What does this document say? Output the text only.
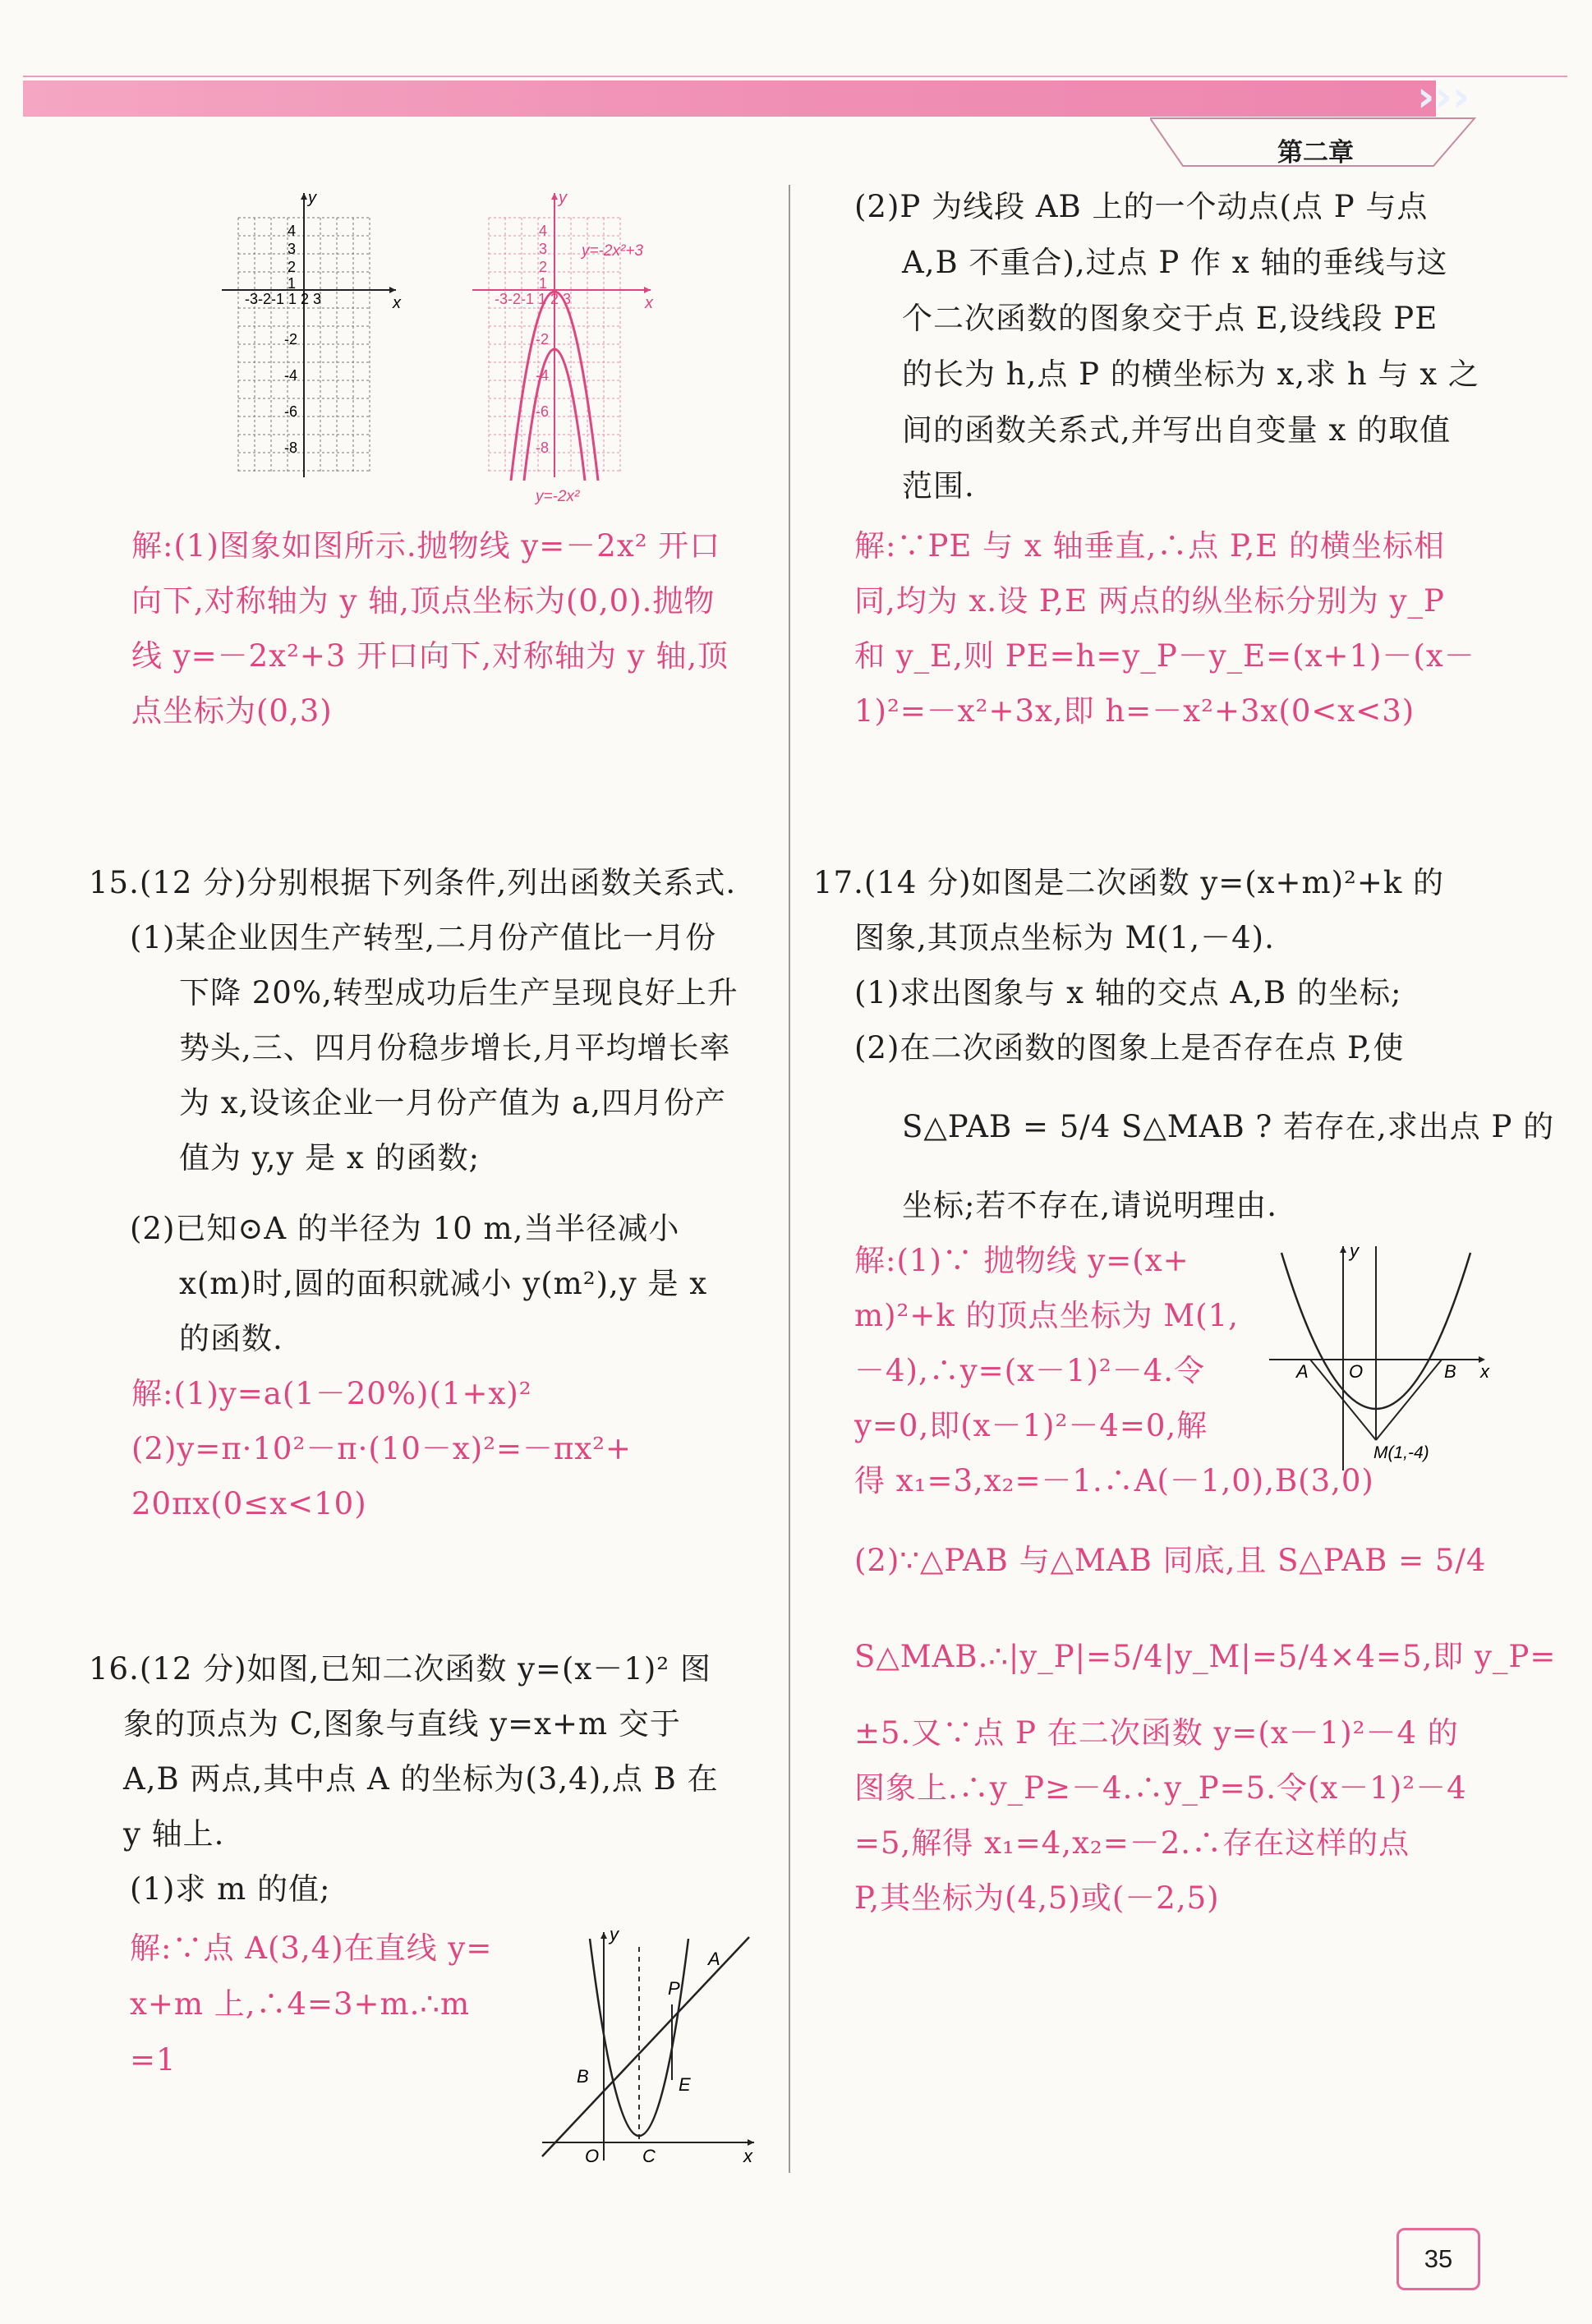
›››
第二章
y
x
-3-2-1 1 2 3
4
3
2
1
-2
-4
-6
-8
y
x
-3-2-1 1 2 3
4
3
2
1
-2
-4
-6
-8
y=-2x²+3
y=-2x²
解:(1)图象如图所示.抛物线 y=－2x² 开口
向下,对称轴为 y 轴,顶点坐标为(0,0).抛物
线 y=－2x²+3 开口向下,对称轴为 y 轴,顶
点坐标为(0,3)
15.(12 分)分别根据下列条件,列出函数关系式.
(1)某企业因生产转型,二月份产值比一月份
下降 20%,转型成功后生产呈现良好上升
势头,三、四月份稳步增长,月平均增长率
为 x,设该企业一月份产值为 a,四月份产
值为 y,y 是 x 的函数;
(2)已知⊙A 的半径为 10 m,当半径减小
x(m)时,圆的面积就减小 y(m²),y 是 x
的函数.
解:(1)y=a(1－20%)(1+x)²
(2)y=π·10²－π·(10－x)²=－πx²+
20πx(0≤x<10)
16.(12 分)如图,已知二次函数 y=(x－1)² 图
象的顶点为 C,图象与直线 y=x+m 交于
A,B 两点,其中点 A 的坐标为(3,4),点 B 在
y 轴上.
(1)求 m 的值;
解:∵点 A(3,4)在直线 y=
x+m 上,∴4=3+m.∴m
=1
y
x
O
A
B
C
P
E
(2)P 为线段 AB 上的一个动点(点 P 与点
A,B 不重合),过点 P 作 x 轴的垂线与这
个二次函数的图象交于点 E,设线段 PE
的长为 h,点 P 的横坐标为 x,求 h 与 x 之
间的函数关系式,并写出自变量 x 的取值
范围.
解:∵PE 与 x 轴垂直,∴点 P,E 的横坐标相
同,均为 x.设 P,E 两点的纵坐标分别为 y_P
和 y_E,则 PE=h=y_P－y_E=(x+1)－(x－
1)²=－x²+3x,即 h=－x²+3x(0<x<3)
17.(14 分)如图是二次函数 y=(x+m)²+k 的
图象,其顶点坐标为 M(1,－4).
(1)求出图象与 x 轴的交点 A,B 的坐标;
(2)在二次函数的图象上是否存在点 P,使
S△PAB = 5/4 S△MAB ? 若存在,求出点 P 的
坐标;若不存在,请说明理由.
解:(1)∵ 抛物线 y=(x+
m)²+k 的顶点坐标为 M(1,
－4),∴y=(x－1)²－4.令
y=0,即(x－1)²－4=0,解
得 x₁=3,x₂=－1.∴A(－1,0),B(3,0)
(2)∵△PAB 与△MAB 同底,且 S△PAB = 5/4
S△MAB.∴|y_P|=5/4|y_M|=5/4×4=5,即 y_P=
±5.又∵点 P 在二次函数 y=(x－1)²－4 的
图象上.∴y_P≥－4.∴y_P=5.令(x－1)²－4
=5,解得 x₁=4,x₂=－2.∴存在这样的点
P,其坐标为(4,5)或(－2,5)
y
x
O
A	B
M(1,-4)
35
